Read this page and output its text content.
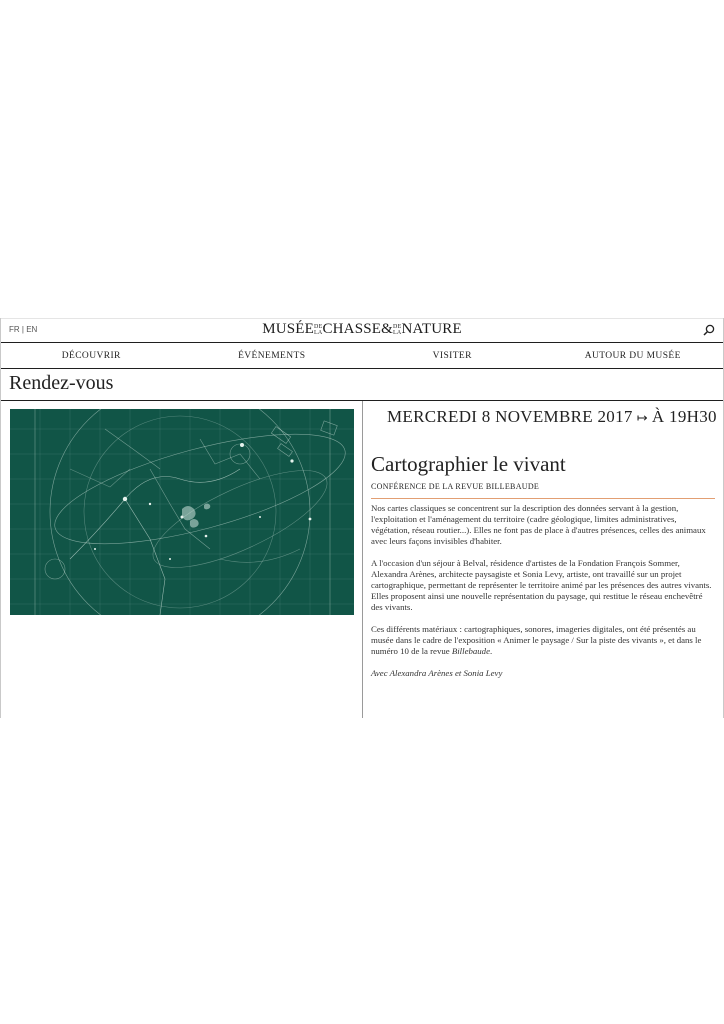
FR | EN	MUSÉEDE
LACHASSE&DE
LANATURE
DÉCOUVRIR	ÉVÉNEMENTS	VISITER	AUTOUR DU MUSÉE
Rendez-vous
MERCREDI 8 NOVEMBRE 2017 ↦ À 19H30
Cartographier le vivant
CONFÉRENCE DE LA REVUE BILLEBAUDE

Nos cartes classiques se concentrent sur la description des données servant à la gestion, l'exploitation et l'aménagement du territoire (cadre géologique, limites administratives, végétation, réseau routier...). Elles ne font pas de place à d'autres présences, celles des animaux avec leurs façons invisibles d'habiter.

A l'occasion d'un séjour à Belval, résidence d'artistes de la Fondation François Sommer, Alexandra Arènes, architecte paysagiste et Sonia Levy, artiste, ont travaillé sur un projet cartographique, permettant de représenter le territoire animé par les présences des autres vivants. Elles proposent ainsi une nouvelle représentation du paysage, qui restitue le réseau enchevêtré des vivants.

Ces différents matériaux : cartographiques, sonores, imageries digitales, ont été présentés au musée dans le cadre de l'exposition « Animer le paysage / Sur la piste des vivants », et dans le numéro 10 de la revue Billebaude.

Avec Alexandra Arènes et Sonia Levy
